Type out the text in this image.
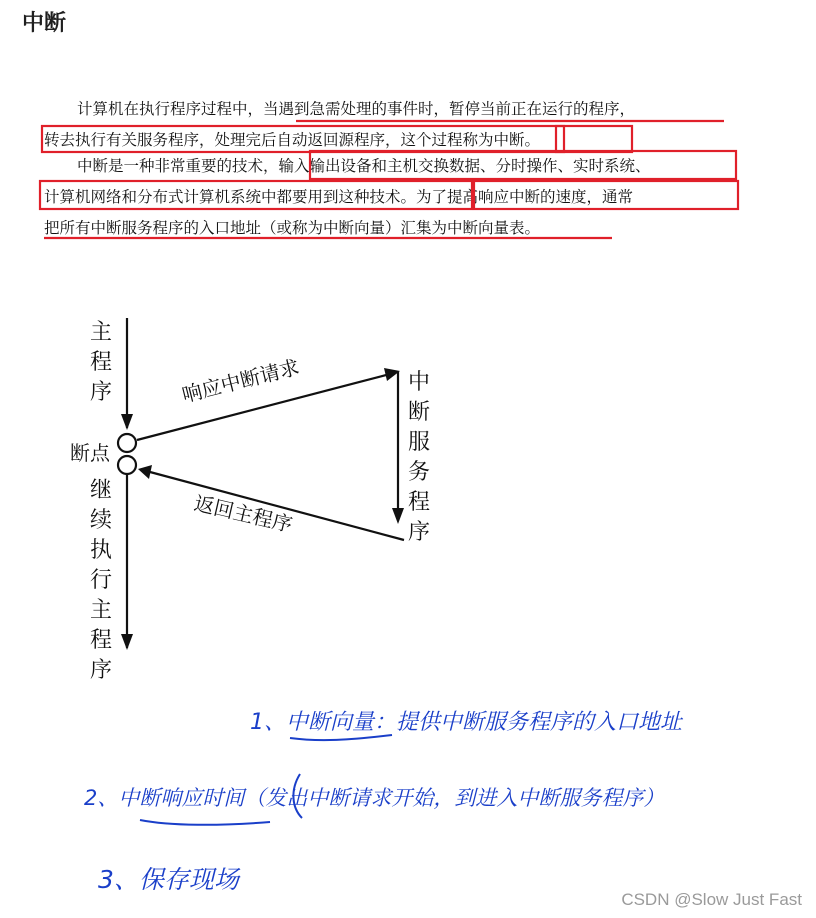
中断
计算机在执行程序过程中，当遇到急需处理的事件时，暂停当前正在运行的程序，
转去执行有关服务程序，处理完后自动返回源程序，这个过程称为中断。
中断是一种非常重要的技术，输入输出设备和主机交换数据、分时操作、实时系统、
计算机网络和分布式计算机系统中都要用到这种技术。为了提高响应中断的速度，通常
把所有中断服务程序的入口地址（或称为中断向量）汇集为中断向量表。
主程序
断点
继续执行主程序
中断服务程序
响应中断请求
返回主程序
1、中断向量：提供中断服务程序的入口地址
2、中断响应时间（发出中断请求开始，到进入中断服务程序）
3、保存现场
CSDN @Slow Just Fast
